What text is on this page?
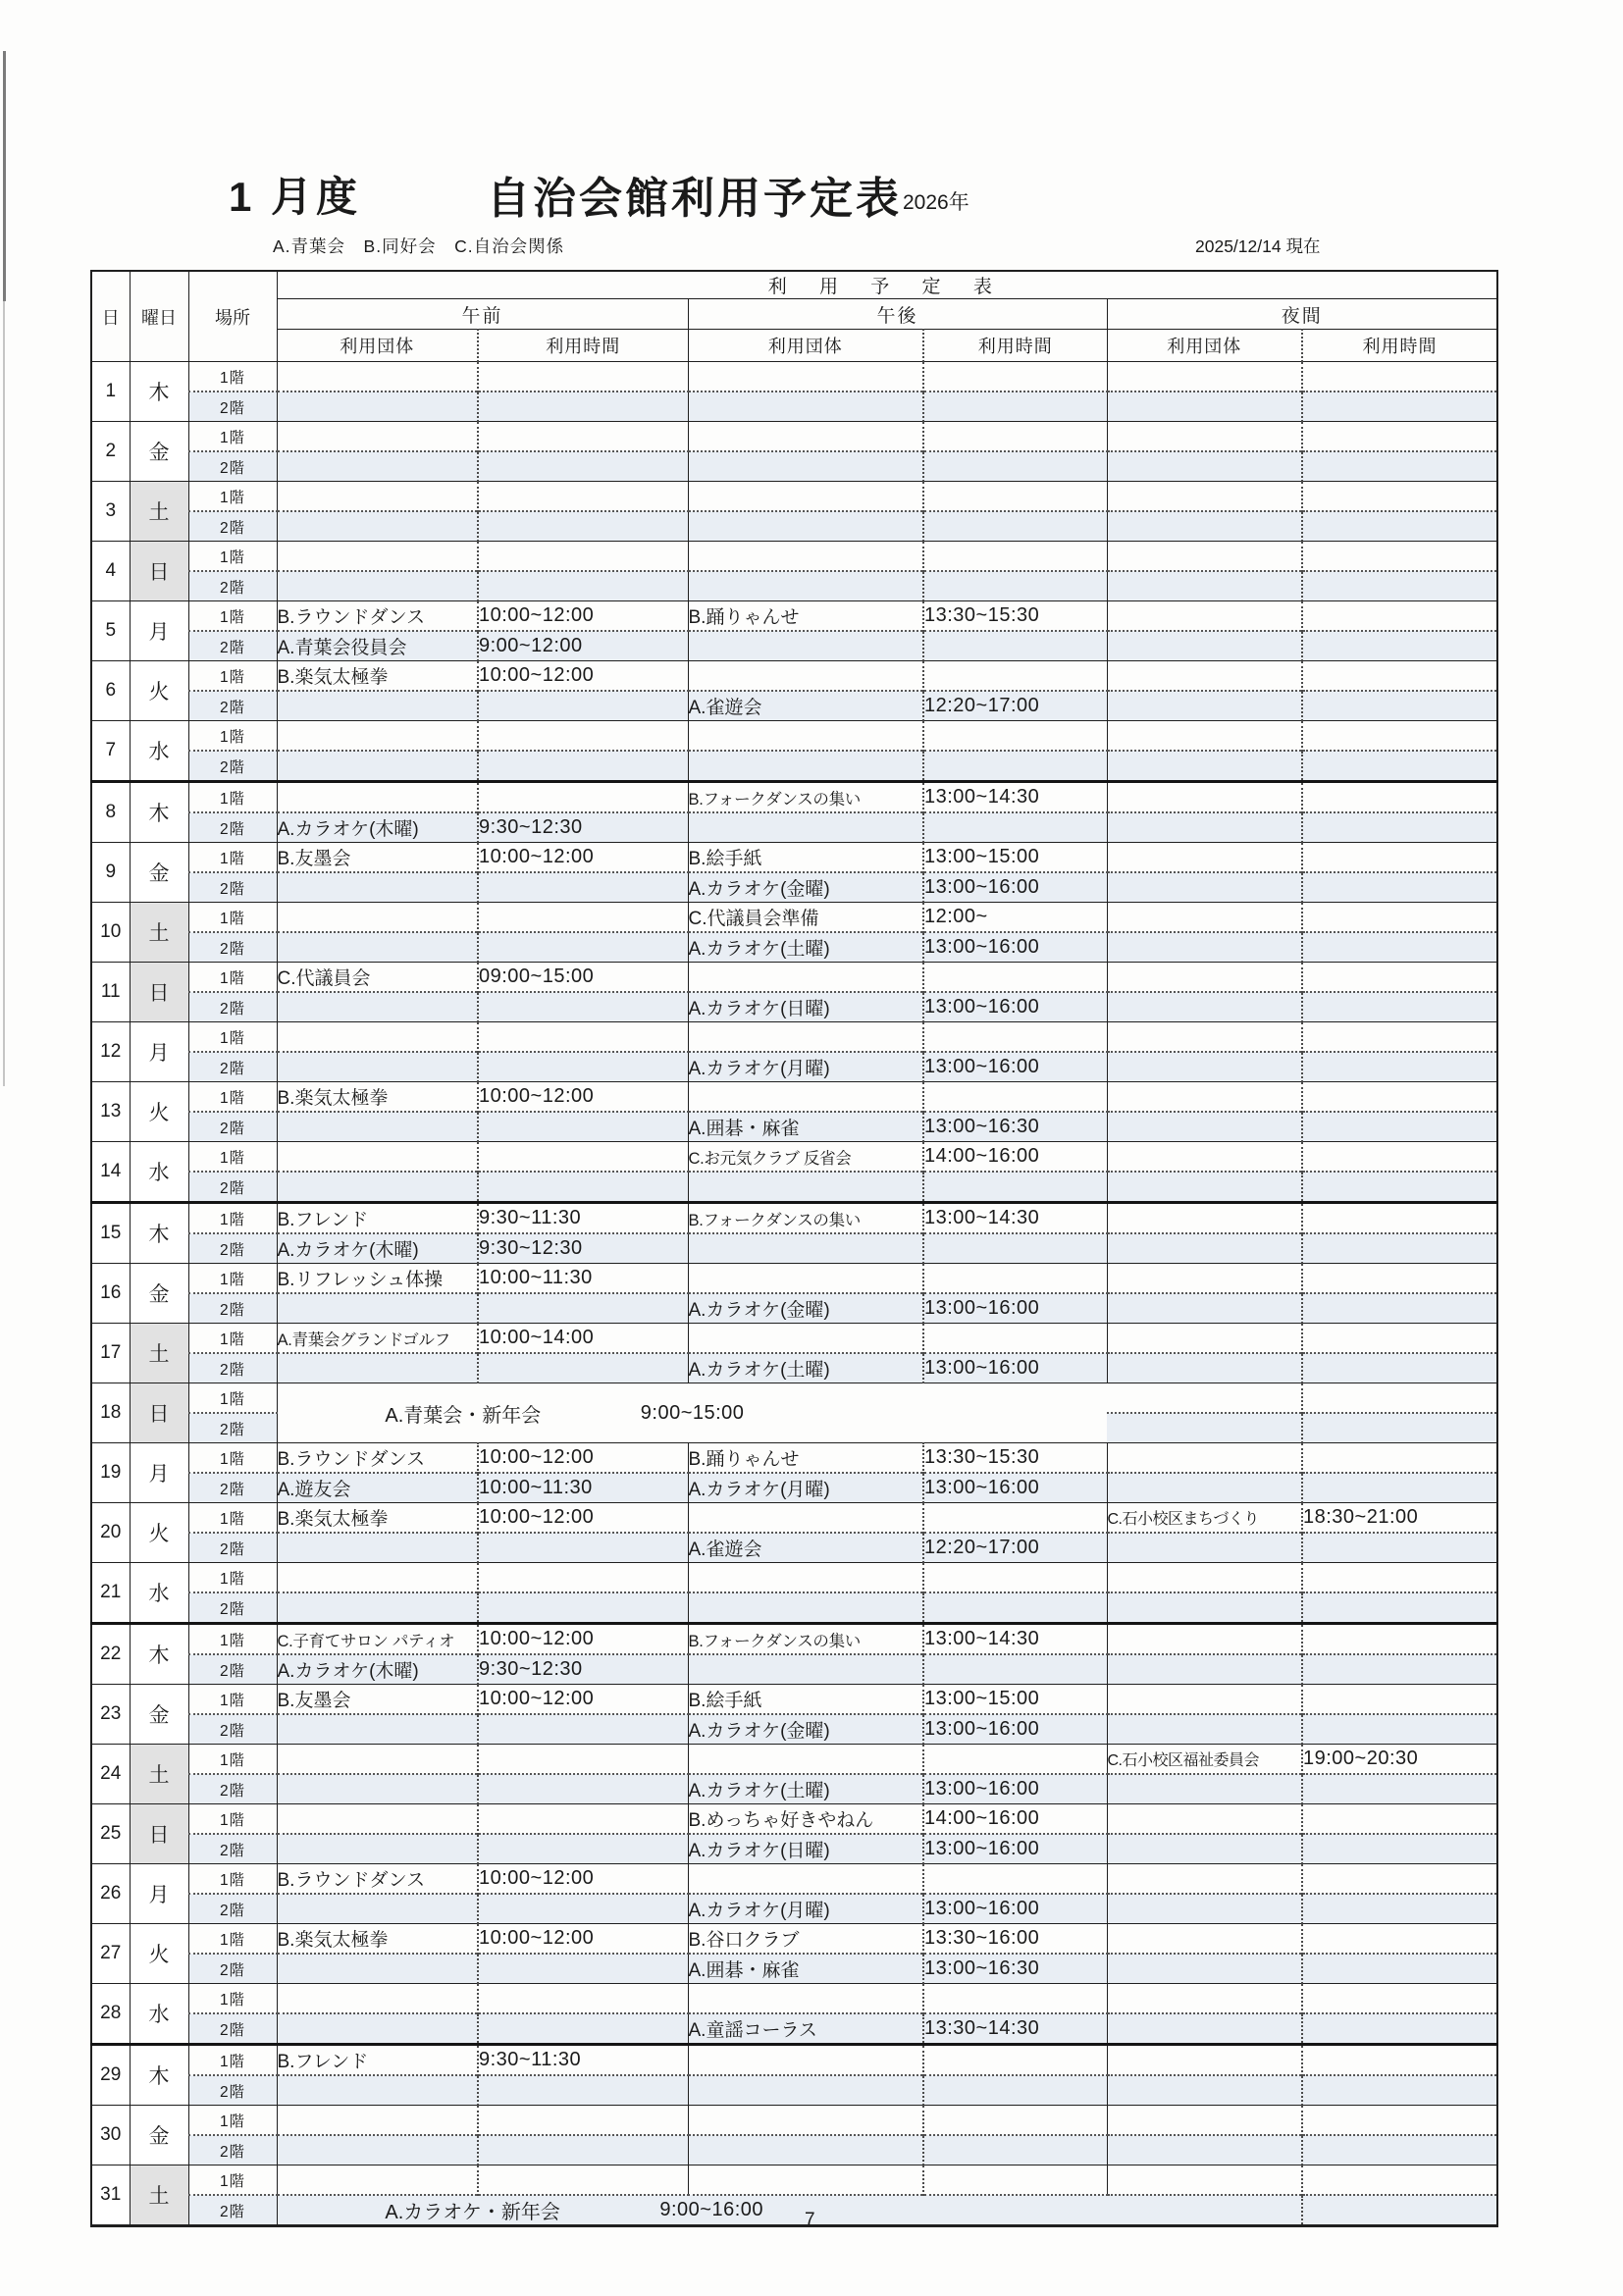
1 月度	自治会館利用予定表 2026年
A.青葉会　B.同好会　C.自治会関係	2025/12/14 現在
日	曜日	場所	利 用 予 定 表					
			午前		午後		夜間	
			利用団体	利用時間	利用団体	利用時間	利用団体	利用時間
1	木	1階						
		2階						
2	金	1階						
		2階						
3	土	1階						
		2階						
4	日	1階						
		2階						
5	月	1階	B.ラウンドダンス	10:00~12:00	B.踊りゃんせ	13:30~15:30		
		2階	A.青葉会役員会	9:00~12:00				
6	火	1階	B.楽気太極拳	10:00~12:00				
		2階			A.雀遊会	12:20~17:00		
7	水	1階						
		2階						
8	木	1階			B.フォークダンスの集い	13:00~14:30		
		2階	A.カラオケ(木曜)	9:30~12:30				
9	金	1階	B.友墨会	10:00~12:00	B.絵手紙	13:00~15:00		
		2階			A.カラオケ(金曜)	13:00~16:00		
10	土	1階			C.代議員会準備	12:00~		
		2階			A.カラオケ(土曜)	13:00~16:00		
11	日	1階	C.代議員会	09:00~15:00				
		2階			A.カラオケ(日曜)	13:00~16:00		
12	月	1階						
		2階			A.カラオケ(月曜)	13:00~16:00		
13	火	1階	B.楽気太極拳	10:00~12:00				
		2階			A.囲碁・麻雀	13:00~16:30		
14	水	1階			C.お元気クラブ 反省会	14:00~16:00		
		2階						
15	木	1階	B.フレンド	9:30~11:30	B.フォークダンスの集い	13:00~14:30		
		2階	A.カラオケ(木曜)	9:30~12:30				
16	金	1階	B.リフレッシュ体操	10:00~11:30				
		2階			A.カラオケ(金曜)	13:00~16:00		
17	土	1階	A.青葉会グランドゴルフ	10:00~14:00				
		2階			A.カラオケ(土曜)	13:00~16:00		
18	日	1階	A.青葉会・新年会 9:00~15:00					

		2階						
19	月	1階	B.ラウンドダンス	10:00~12:00	B.踊りゃんせ	13:30~15:30		
		2階	A.遊友会	10:00~11:30	A.カラオケ(月曜)	13:00~16:00		
20	火	1階	B.楽気太極拳	10:00~12:00			C.石小校区まちづくり	18:30~21:00
		2階			A.雀遊会	12:20~17:00		
21	水	1階						
		2階						
22	木	1階	C.子育てサロン パティオ	10:00~12:00	B.フォークダンスの集い	13:00~14:30		
		2階	A.カラオケ(木曜)	9:30~12:30				
23	金	1階	B.友墨会	10:00~12:00	B.絵手紙	13:00~15:00		
		2階			A.カラオケ(金曜)	13:00~16:00		
24	土	1階					C.石小校区福祉委員会	19:00~20:30
		2階			A.カラオケ(土曜)	13:00~16:00		
25	日	1階			B.めっちゃ好きやねん	14:00~16:00		
		2階			A.カラオケ(日曜)	13:00~16:00		
26	月	1階	B.ラウンドダンス	10:00~12:00				
		2階			A.カラオケ(月曜)	13:00~16:00		
27	火	1階	B.楽気太極拳	10:00~12:00	B.谷口クラブ	13:30~16:00		
		2階			A.囲碁・麻雀	13:00~16:30		
28	水	1階						
		2階			A.童謡コーラス	13:30~14:30		
29	木	1階	B.フレンド	9:30~11:30				
		2階						
30	金	1階						
		2階						
31	土	1階						
		2階	A.カラオケ・新年会 9:00~16:00					
		7
